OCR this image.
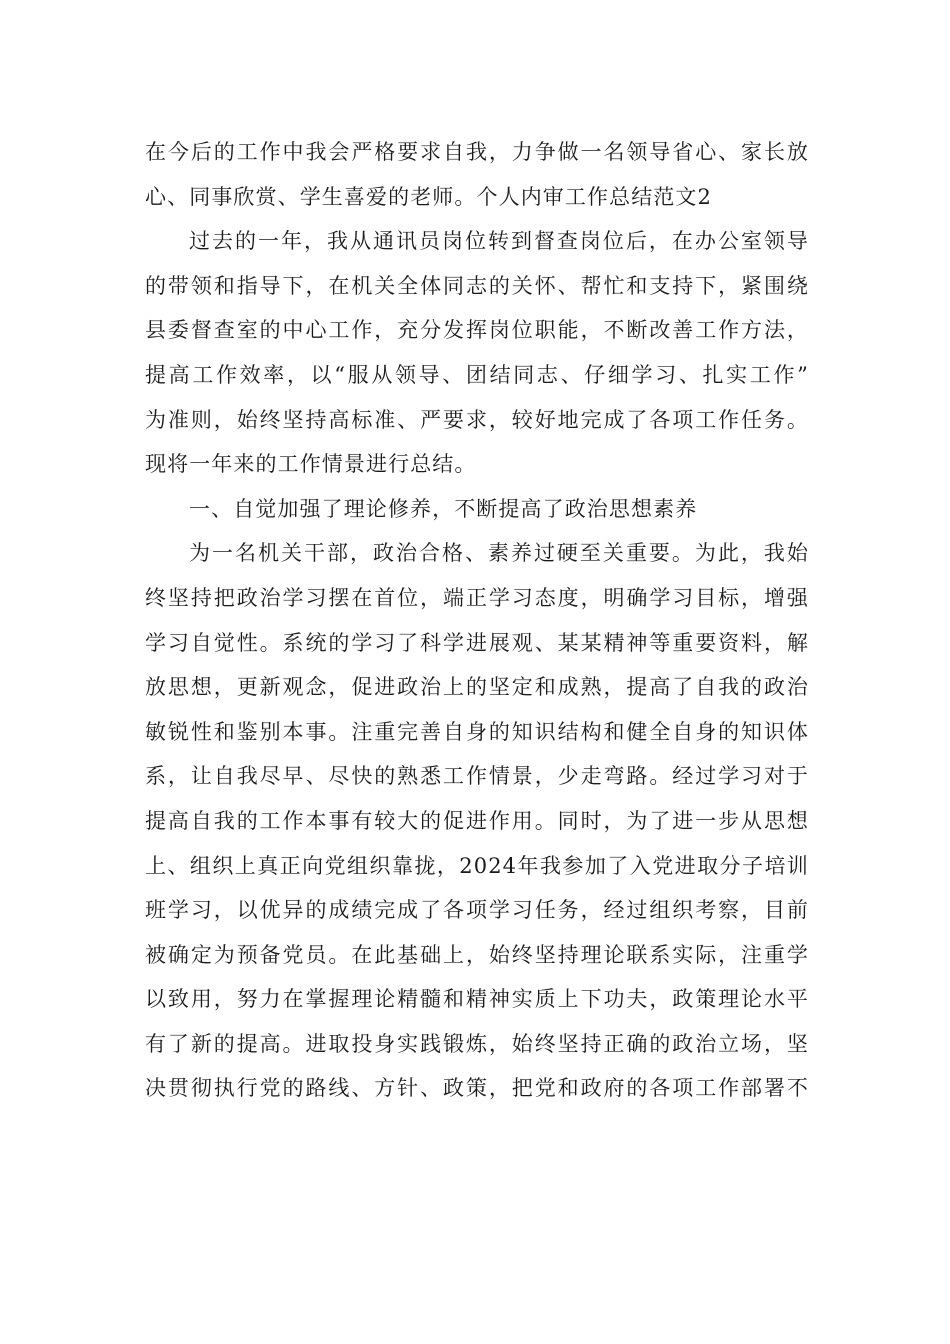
在今后的工作中我会严格要求自我，力争做一名领导省心、家长放
心、同事欣赏、学生喜爱的老师。个人内审工作总结范文2
过去的一年，我从通讯员岗位转到督查岗位后，在办公室领导
的带领和指导下，在机关全体同志的关怀、帮忙和支持下，紧围绕
县委督查室的中心工作，充分发挥岗位职能，不断改善工作方法，
提高工作效率，以“服从领导、团结同志、仔细学习、扎实工作”
为准则，始终坚持高标准、严要求，较好地完成了各项工作任务。
现将一年来的工作情景进行总结。
一、自觉加强了理论修养，不断提高了政治思想素养
为一名机关干部，政治合格、素养过硬至关重要。为此，我始
终坚持把政治学习摆在首位，端正学习态度，明确学习目标，增强
学习自觉性。系统的学习了科学进展观、某某精神等重要资料，解
放思想，更新观念，促进政治上的坚定和成熟，提高了自我的政治
敏锐性和鉴别本事。注重完善自身的知识结构和健全自身的知识体
系，让自我尽早、尽快的熟悉工作情景，少走弯路。经过学习对于
提高自我的工作本事有较大的促进作用。同时，为了进一步从思想
上、组织上真正向党组织靠拢，2024年我参加了入党进取分子培训
班学习，以优异的成绩完成了各项学习任务，经过组织考察，目前
被确定为预备党员。在此基础上，始终坚持理论联系实际，注重学
以致用，努力在掌握理论精髓和精神实质上下功夫，政策理论水平
有了新的提高。进取投身实践锻炼，始终坚持正确的政治立场，坚
决贯彻执行党的路线、方针、政策，把党和政府的各项工作部署不
